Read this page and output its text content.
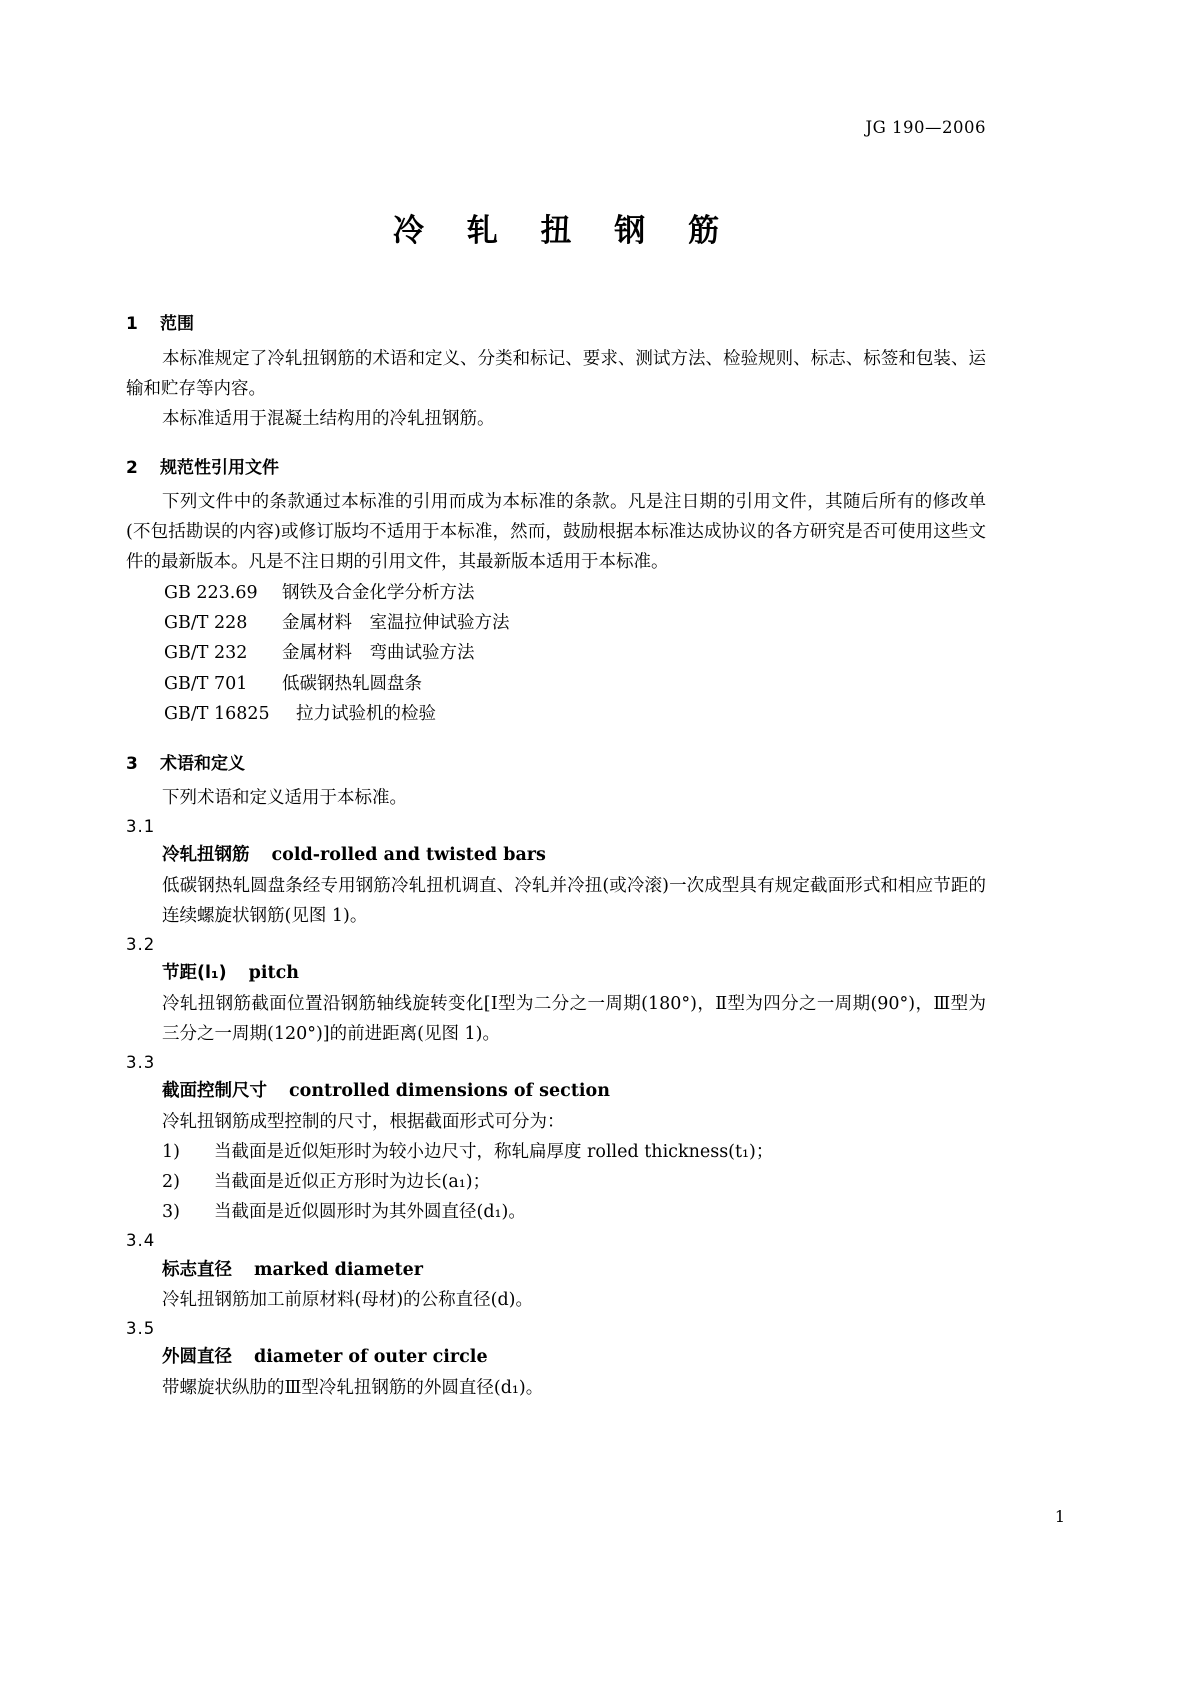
JG 190—2006
冷 轧 扭 钢 筋
1 范围

本标准规定了冷轧扭钢筋的术语和定义、分类和标记、要求、测试方法、检验规则、标志、标签和包装、运输和贮存等内容。

本标准适用于混凝土结构用的冷轧扭钢筋。

2 规范性引用文件

下列文件中的条款通过本标准的引用而成为本标准的条款。凡是注日期的引用文件，其随后所有的修改单(不包括勘误的内容)或修订版均不适用于本标准，然而，鼓励根据本标准达成协议的各方研究是否可使用这些文件的最新版本。凡是不注日期的引用文件，其最新版本适用于本标准。

GB 223.69 钢铁及合金化学分析方法
GB/T 228 金属材料　室温拉伸试验方法
GB/T 232 金属材料　弯曲试验方法
GB/T 701 低碳钢热轧圆盘条
GB/T 16825 拉力试验机的检验
3 术语和定义

下列术语和定义适用于本标准。

3.1

冷轧扭钢筋 cold-rolled and twisted bars

低碳钢热轧圆盘条经专用钢筋冷轧扭机调直、冷轧并冷扭(或冷滚)一次成型具有规定截面形式和相应节距的连续螺旋状钢筋(见图 1)。

3.2

节距(l₁) pitch

冷轧扭钢筋截面位置沿钢筋轴线旋转变化[Ⅰ型为二分之一周期(180°)，Ⅱ型为四分之一周期(90°)，Ⅲ型为三分之一周期(120°)]的前进距离(见图 1)。

3.3

截面控制尺寸 controlled dimensions of section

冷轧扭钢筋成型控制的尺寸，根据截面形式可分为：

1) 当截面是近似矩形时为较小边尺寸，称轧扁厚度 rolled thickness(t₁)；

2) 当截面是近似正方形时为边长(a₁)；

3) 当截面是近似圆形时为其外圆直径(d₁)。

3.4

标志直径 marked diameter

冷轧扭钢筋加工前原材料(母材)的公称直径(d)。

3.5

外圆直径 diameter of outer circle

带螺旋状纵肋的Ⅲ型冷轧扭钢筋的外圆直径(d₁)。

1
